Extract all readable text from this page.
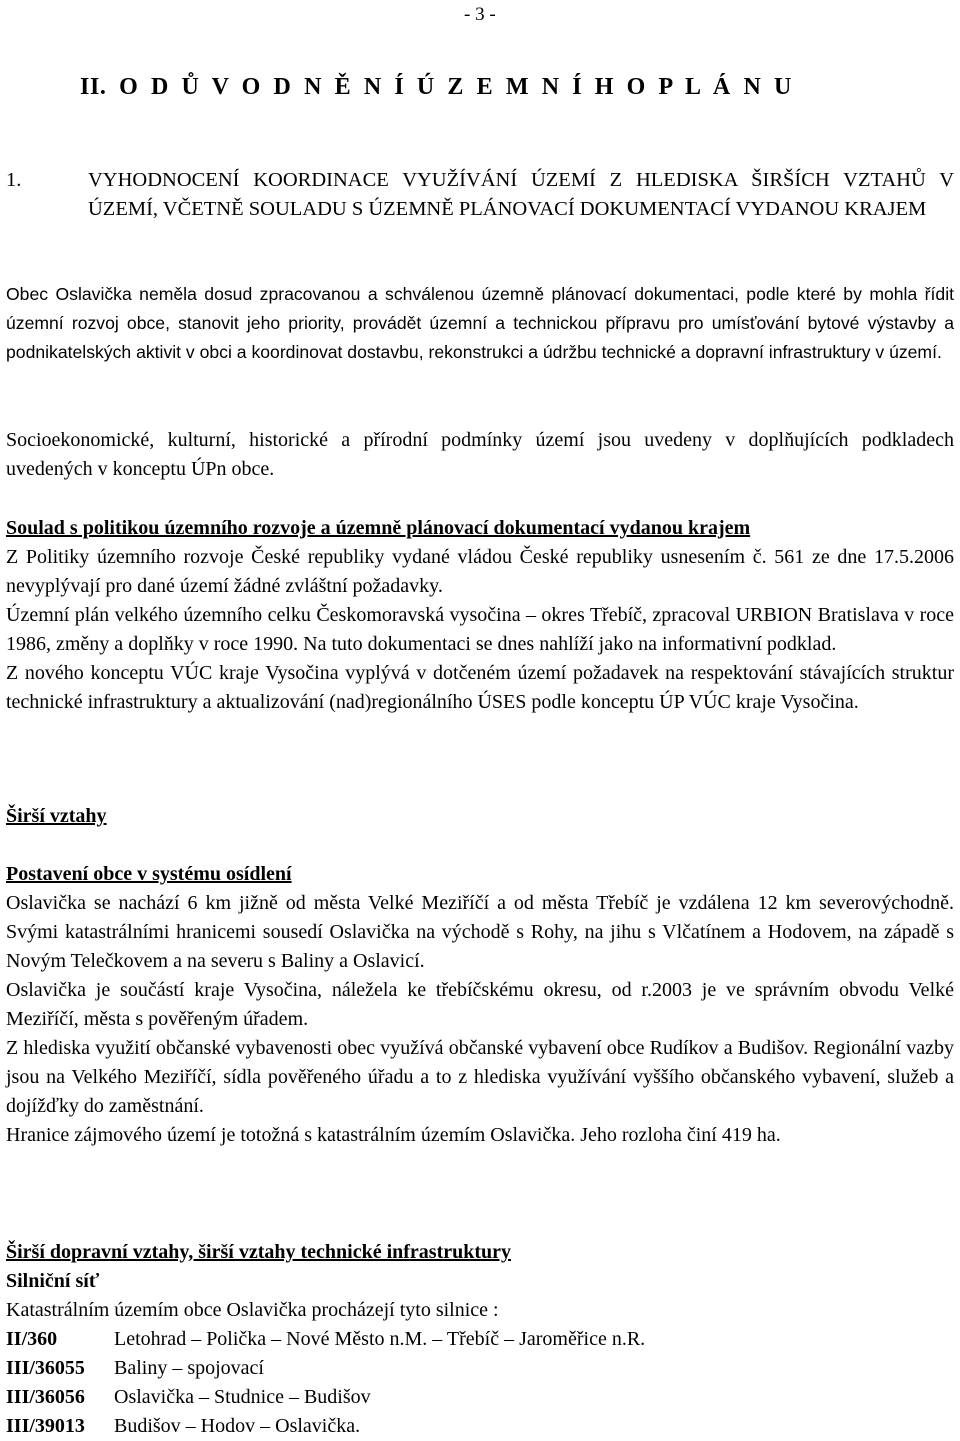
- 3 -
II. O D Ů V O D N Ě N Í Ú Z E M N Í H O P L Á N U
1.	VYHODNOCENÍ KOORDINACE VYUŽÍVÁNÍ ÚZEMÍ Z HLEDISKA ŠIRŠÍCH VZTAHŮ V ÚZEMÍ, VČETNĚ SOULADU S ÚZEMNĚ PLÁNOVACÍ DOKUMENTACÍ VYDANOU KRAJEM

Obec Oslavička neměla dosud zpracovanou a schválenou územně plánovací dokumentaci, podle které by mohla řídit územní rozvoj obce, stanovit jeho priority, provádět územní a technickou přípravu pro umísťování bytové výstavby a podnikatelských aktivit v obci a koordinovat dostavbu, rekonstrukci a údržbu technické a dopravní infrastruktury v území.

Socioekonomické, kulturní, historické a přírodní podmínky území jsou uvedeny v doplňujících podkladech uvedených v konceptu ÚPn obce.

Soulad s politikou územního rozvoje a územně plánovací dokumentací vydanou krajem

Z Politiky územního rozvoje České republiky vydané vládou České republiky usnesením č. 561 ze dne 17.5.2006 nevyplývají pro dané území žádné zvláštní požadavky.

Územní plán velkého územního celku Českomoravská vysočina – okres Třebíč, zpracoval URBION Bratislava v roce 1986, změny a doplňky v roce 1990. Na tuto dokumentaci se dnes nahlíží jako na informativní podklad.

Z nového konceptu VÚC kraje Vysočina vyplývá v dotčeném území požadavek na respektování stávajících struktur technické infrastruktury a aktualizování (nad)regionálního ÚSES podle konceptu ÚP VÚC kraje Vysočina.

Širší vztahy

Postavení obce v systému osídlení

Oslavička se nachází 6 km jižně od města Velké Meziříčí a od města Třebíč je vzdálena 12 km severovýchodně. Svými katastrálními hranicemi sousedí Oslavička na východě s Rohy, na jihu s Vlčatínem a Hodovem, na západě s Novým Telečkovem a na severu s Baliny a Oslavicí.

Oslavička je součástí kraje Vysočina, náležela ke třebíčskému okresu, od r.2003 je ve správním obvodu Velké Meziříčí, města s pověřeným úřadem.

Z hlediska využití občanské vybavenosti obec využívá občanské vybavení obce Rudíkov a Budišov. Regionální vazby jsou na Velkého Meziříčí, sídla pověřeného úřadu a to z hlediska využívání vyššího občanského vybavení, služeb a dojížďky do zaměstnání.

Hranice zájmového území je totožná s katastrálním územím Oslavička. Jeho rozloha činí 419 ha.

Širší dopravní vztahy, širší vztahy technické infrastruktury

Silniční síť

Katastrálním územím obce Oslavička procházejí tyto silnice :

II/360	Letohrad – Polička – Nové Město n.M. – Třebíč – Jaroměřice n.R.
III/36055	Baliny – spojovací
III/36056	Oslavička – Studnice – Budišov
III/39013	Budišov – Hodov – Oslavička.
